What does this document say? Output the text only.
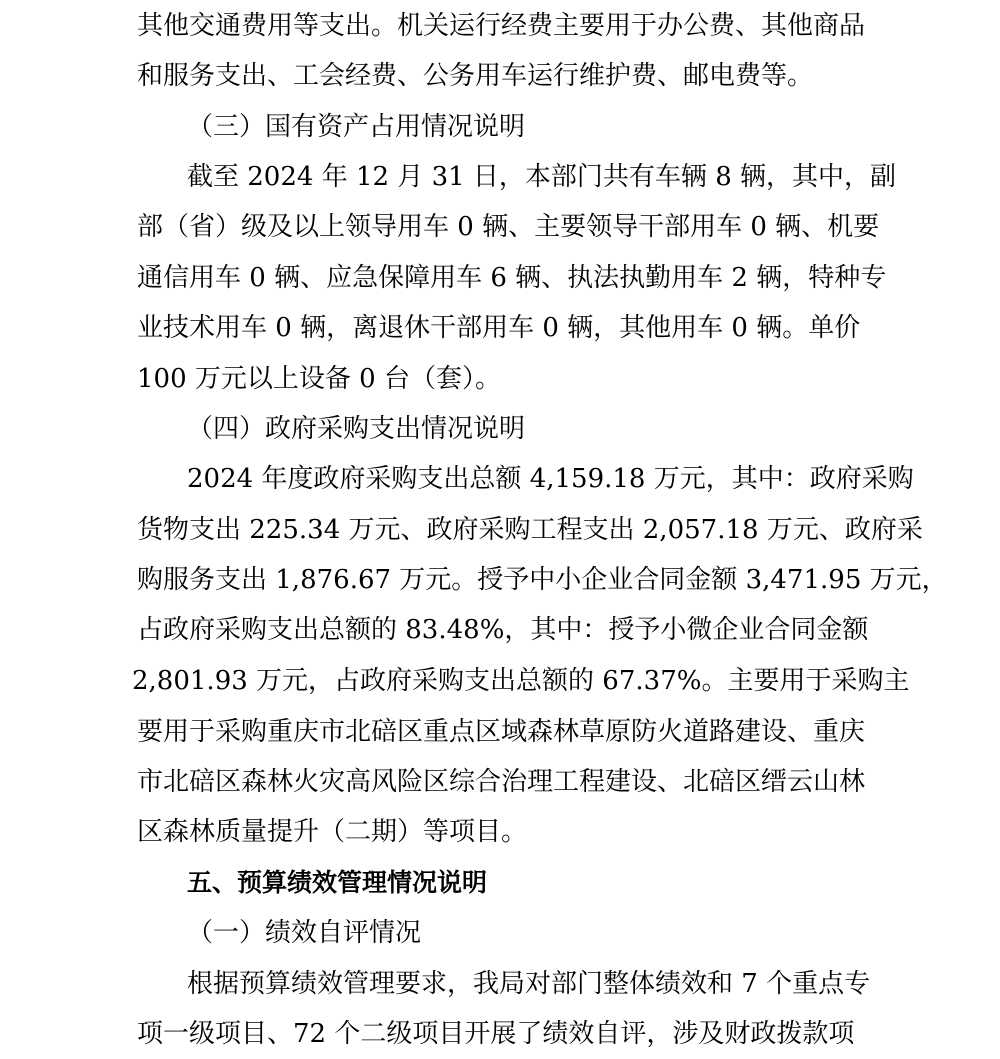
其他交通费用等支出。机关运行经费主要用于办公费、其他商品
和服务支出、工会经费、公务用车运行维护费、邮电费等。
（三）国有资产占用情况说明
截至 2024 年 12 月 31 日，本部门共有车辆 8 辆，其中，副
部（省）级及以上领导用车 0 辆、主要领导干部用车 0 辆、机要
通信用车 0 辆、应急保障用车 6 辆、执法执勤用车 2 辆，特种专
业技术用车 0 辆，离退休干部用车 0 辆，其他用车 0 辆。单价
100 万元以上设备 0 台（套）。
（四）政府采购支出情况说明
2024 年度政府采购支出总额 4,159.18 万元，其中：政府采购
货物支出 225.34 万元、政府采购工程支出 2,057.18 万元、政府采
购服务支出 1,876.67 万元。授予中小企业合同金额 3,471.95 万元，
占政府采购支出总额的 83.48%，其中：授予小微企业合同金额
2,801.93 万元，占政府采购支出总额的 67.37%。主要用于采购主
要用于采购重庆市北碚区重点区域森林草原防火道路建设、重庆
市北碚区森林火灾高风险区综合治理工程建设、北碚区缙云山林
区森林质量提升（二期）等项目。
五、预算绩效管理情况说明
（一）绩效自评情况
根据预算绩效管理要求，我局对部门整体绩效和 7 个重点专
项一级项目、72 个二级项目开展了绩效自评，涉及财政拨款项
